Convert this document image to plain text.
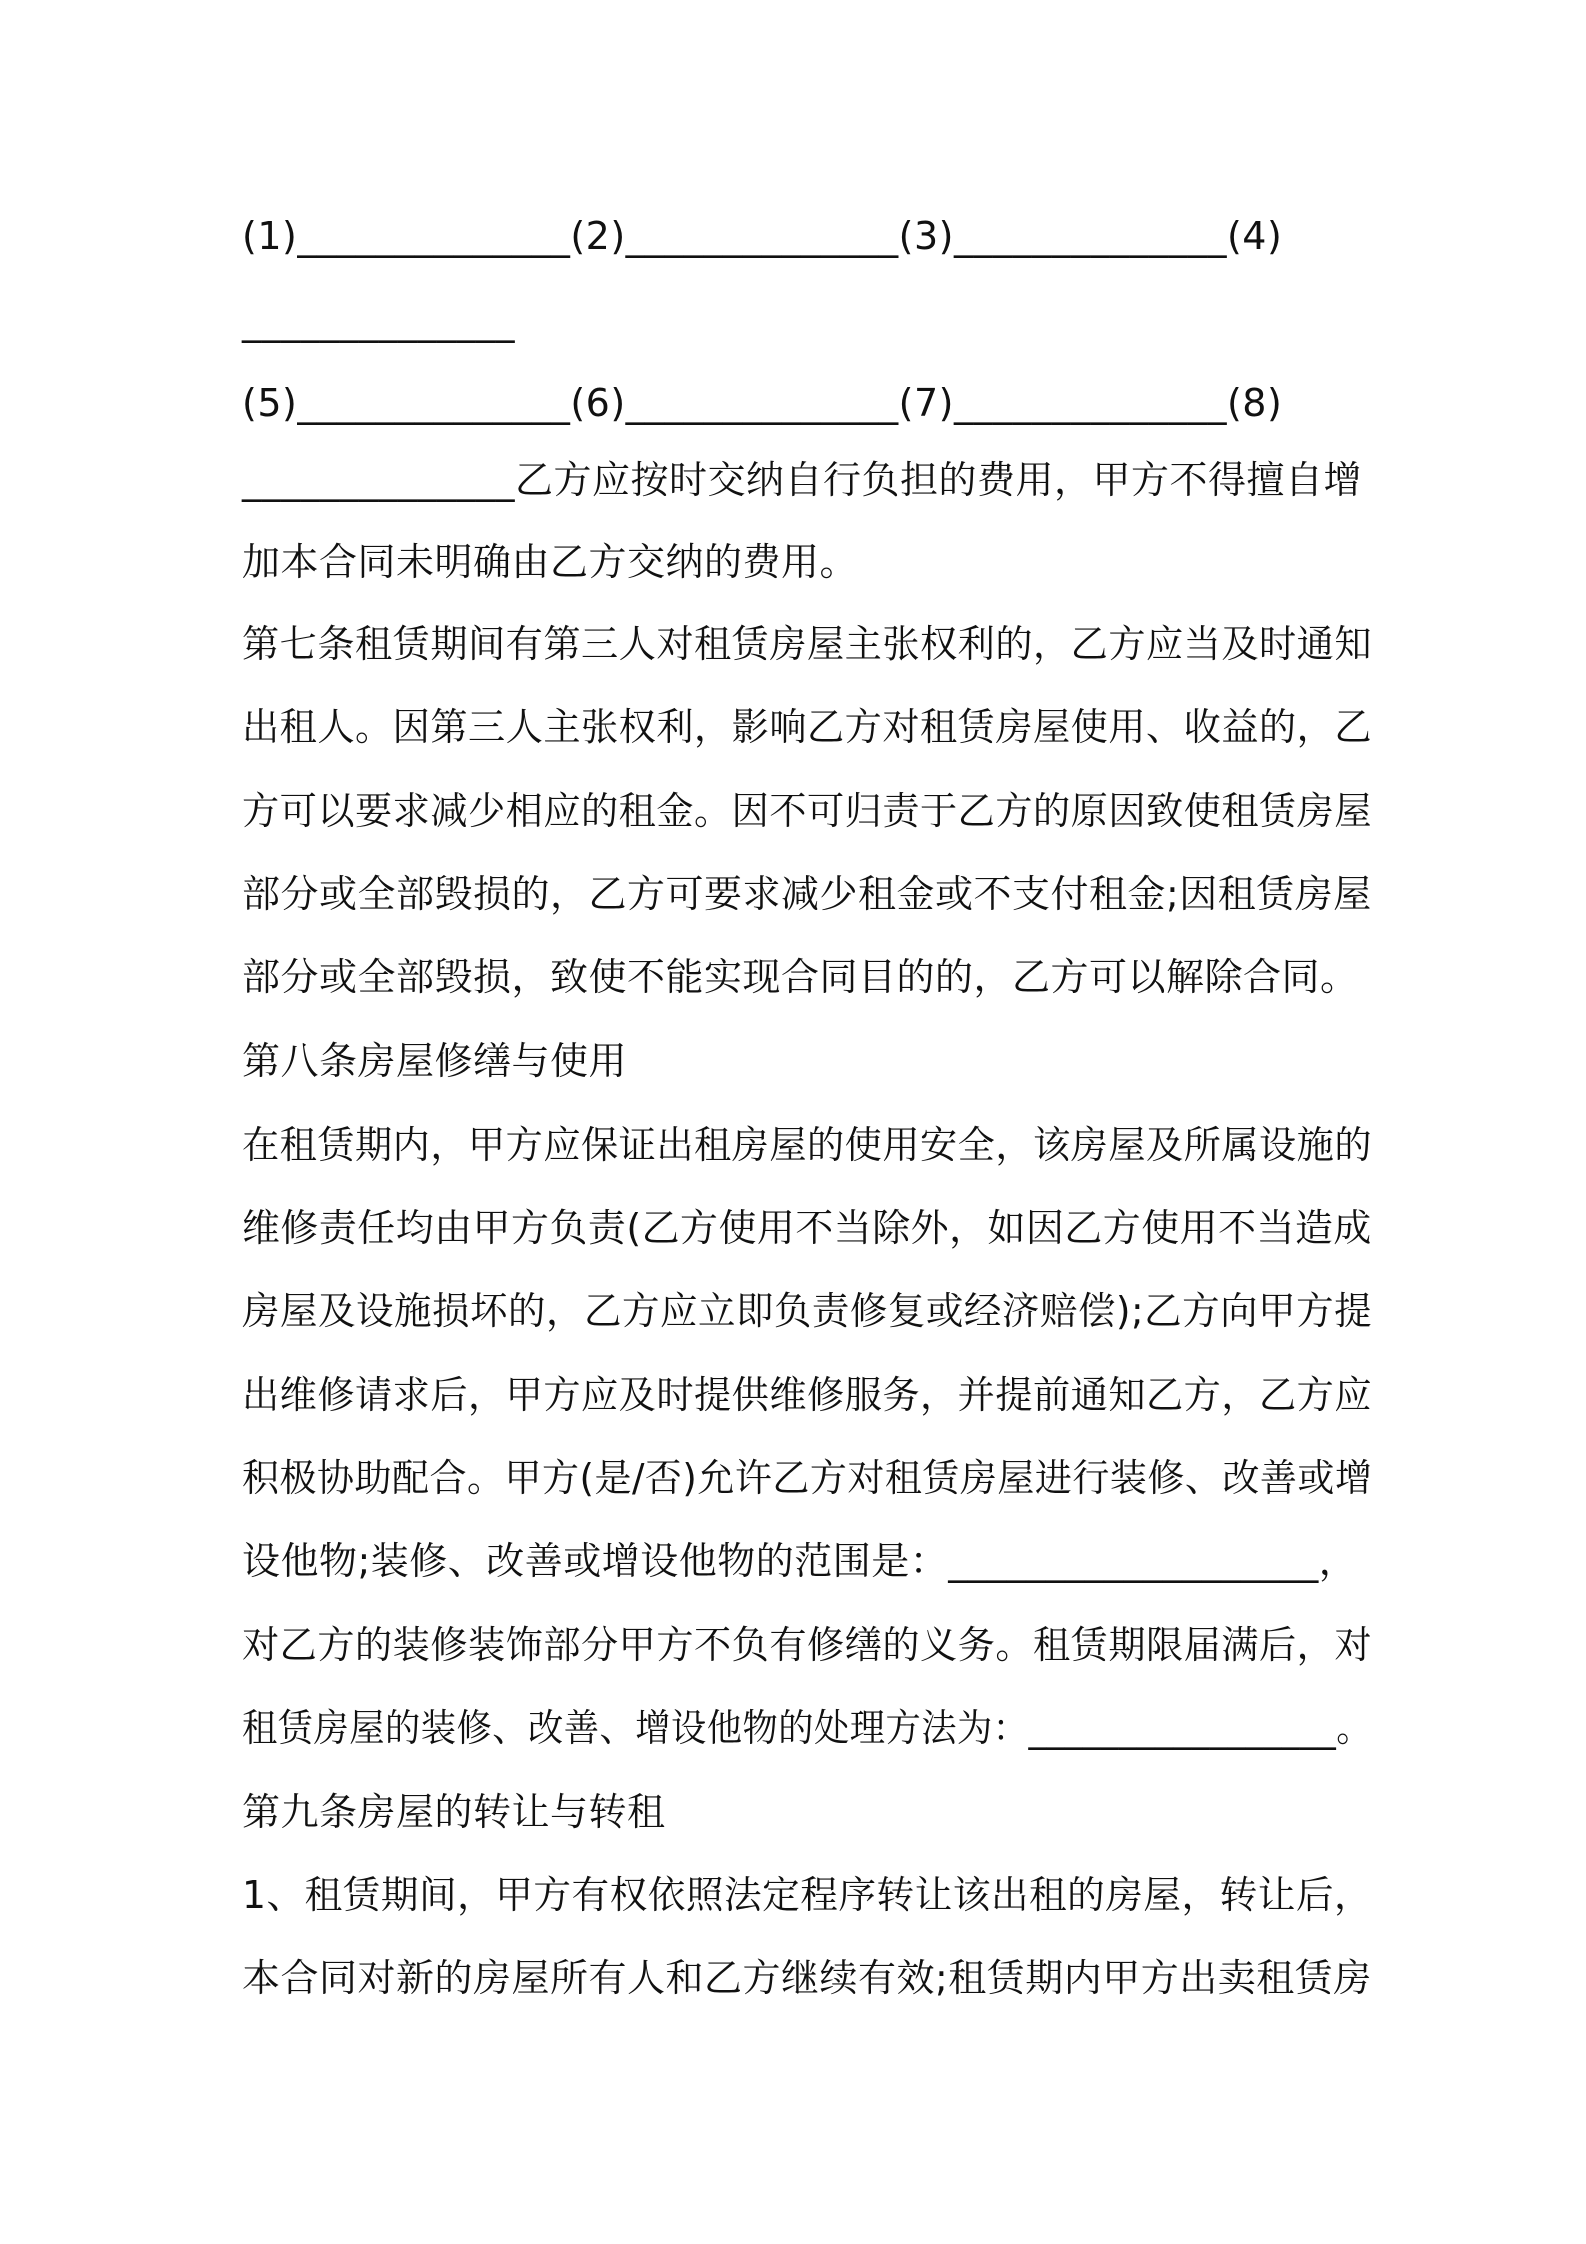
(1)______________(2)______________(3)______________(4)
______________
(5)______________(6)______________(7)______________(8)
______________乙方应按时交纳自行负担的费用，甲方不得擅自增
加本合同未明确由乙方交纳的费用。
第七条租赁期间有第三人对租赁房屋主张权利的，乙方应当及时通知
出租人。因第三人主张权利，影响乙方对租赁房屋使用、收益的，乙
方可以要求减少相应的租金。因不可归责于乙方的原因致使租赁房屋
部分或全部毁损的，乙方可要求减少租金或不支付租金;因租赁房屋
部分或全部毁损，致使不能实现合同目的的，乙方可以解除合同。
第八条房屋修缮与使用
在租赁期内，甲方应保证出租房屋的使用安全，该房屋及所属设施的
维修责任均由甲方负责(乙方使用不当除外，如因乙方使用不当造成
房屋及设施损坏的，乙方应立即负责修复或经济赔偿);乙方向甲方提
出维修请求后，甲方应及时提供维修服务，并提前通知乙方，乙方应
积极协助配合。甲方(是/否)允许乙方对租赁房屋进行装修、改善或增
设他物;装修、改善或增设他物的范围是：___________________，
对乙方的装修装饰部分甲方不负有修缮的义务。租赁期限届满后，对
租赁房屋的装修、改善、增设他物的处理方法为：_________________。
第九条房屋的转让与转租
1、租赁期间，甲方有权依照法定程序转让该出租的房屋，转让后，
本合同对新的房屋所有人和乙方继续有效;租赁期内甲方出卖租赁房
